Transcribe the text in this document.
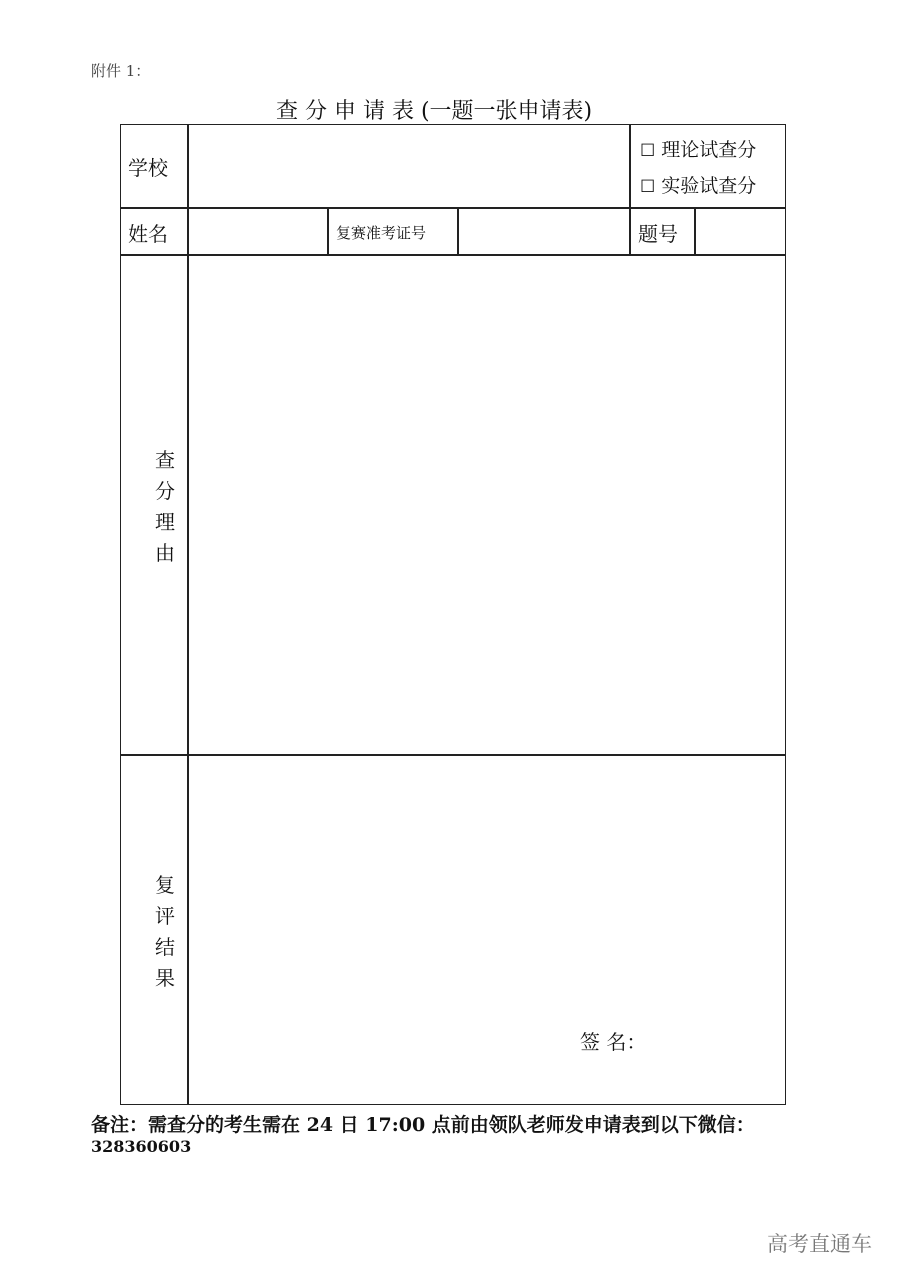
附件 1：
查 分 申 请 表 (一题一张申请表)
学校
☐ 理论试查分
☐ 实验试查分
姓名	复赛准考证号	题号
查
分
理
由
复
评
结
果
签 名：
备注：需查分的考生需在 24 日 17:00 点前由领队老师发申请表到以下微信：
328360603
高考直通车
